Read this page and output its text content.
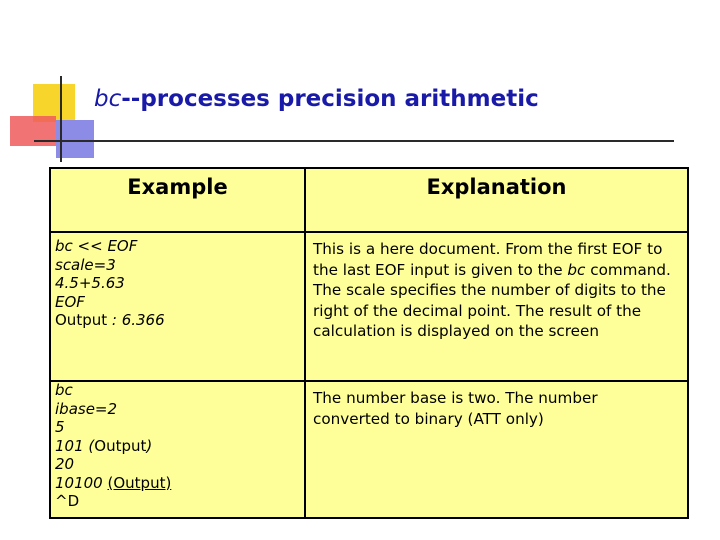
bc--processes precision arithmetic
Example	Explanation
bc << EOF
scale=3
4.5+5.63
EOF
Output : 6.366
This is a here document. From the first EOF to
the last EOF input is given to the bc command.
The scale specifies the number of digits to the
right of the decimal point. The result of the
calculation is displayed on the screen
bc
ibase=2
5
101 (Output)
20
10100 (Output)
^D
The number base is two. The number
converted to binary (ATT only)
